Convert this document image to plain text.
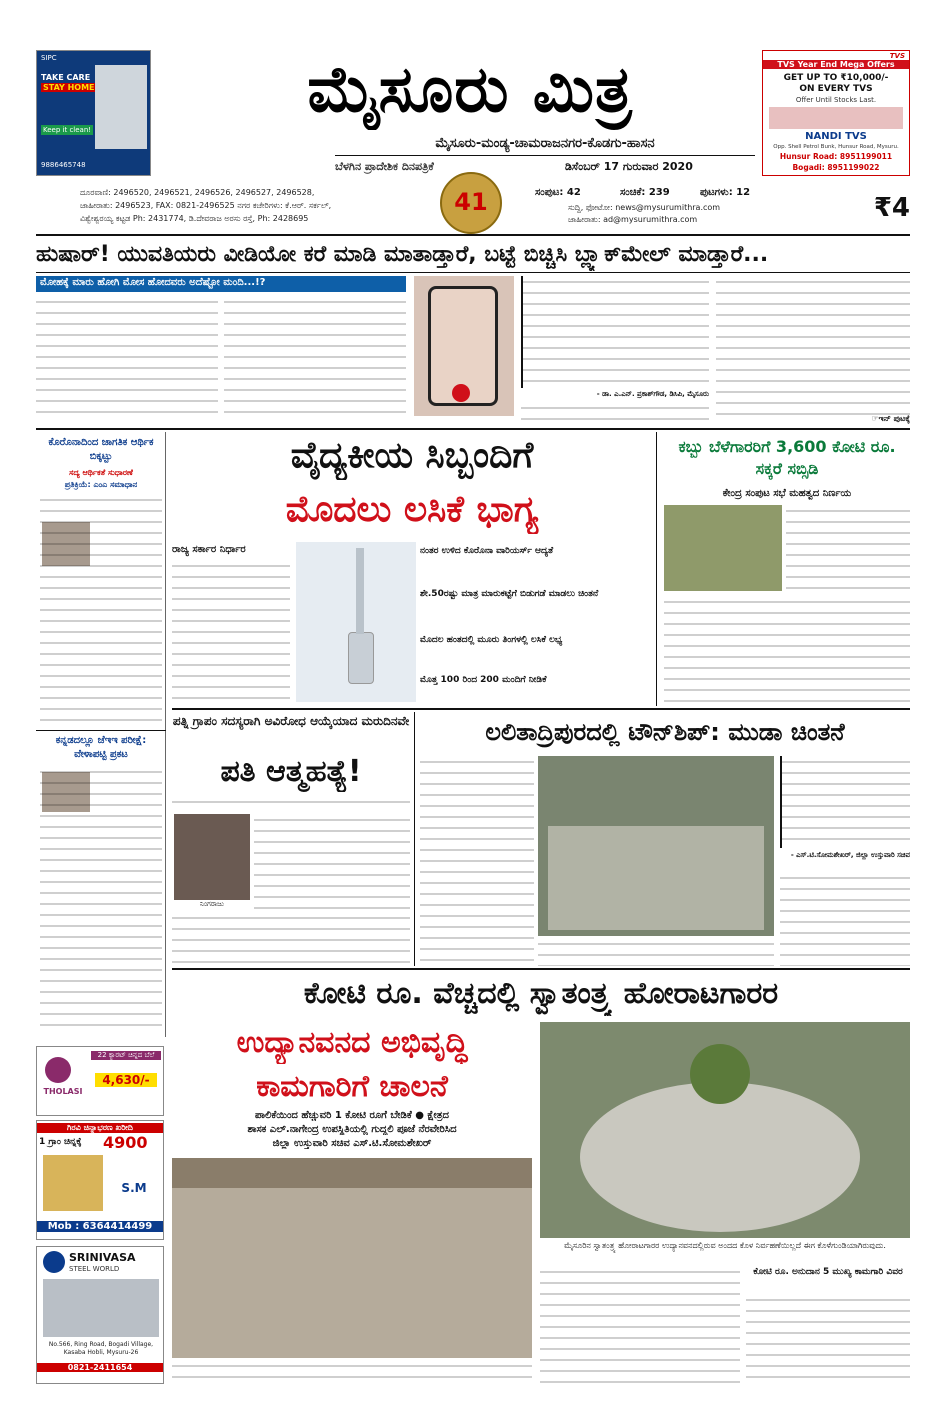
SIPC
TAKE CARE
STAY HOME
Keep it clean!
9886465748
ಮೈಸೂರು ಮಿತ್ರ
ಮೈಸೂರು-ಮಂಡ್ಯ-ಚಾಮರಾಜನಗರ-ಕೊಡಗು-ಹಾಸನ
ಬೆಳಗಿನ ಪ್ರಾದೇಶಿಕ ದಿನಪತ್ರಿಕೆ	ಡಿಸೆಂಬರ್ 17 ಗುರುವಾರ 2020
TVS
TVS Year End Mega Offers
GET UP TO ₹10,000/-
ON EVERY TVS
Offer Until Stocks Last.
NANDI TVS
Opp. Shell Petrol Bunk, Hunsur Road, Mysuru.
Hunsur Road: 8951199011
Bogadi: 8951199022
ದೂರವಾಣಿ: 2496520, 2496521, 2496526, 2496527, 2496528,
ಜಾಹೀರಾತು: 2496523, FAX: 0821-2496525 ನಗರ ಕಚೇರಿಗಳು: ಕೆ.ಆರ್. ಸರ್ಕಲ್,
ವಿಶ್ವೇಶ್ವರಯ್ಯ ಕಟ್ಟಡ Ph: 2431774, ಡಿ.ದೇವರಾಜ ಅರಸು ರಸ್ತೆ, Ph: 2428695
41	ಸಂಪುಟ: 42	ಸಂಚಿಕೆ: 239	ಪುಟಗಳು: 12
ಸುದ್ದಿ, ಫೋಟೋ: news@mysurumithra.com
ಜಾಹೀರಾತು: ad@mysurumithra.com	₹4
ಹುಷಾರ್! ಯುವತಿಯರು ವೀಡಿಯೋ ಕರೆ ಮಾಡಿ ಮಾತಾಡ್ತಾರೆ, ಬಟ್ಟೆ ಬಿಚ್ಚಿಸಿ ಬ್ಲ್ಯಾಕ್‌ಮೇಲ್ ಮಾಡ್ತಾರೆ...
ಮೋಹಕ್ಕೆ ಮಾರು ಹೋಗಿ ಮೋಸ ಹೋದವರು ಅದೆಷ್ಟೋ ಮಂದಿ...!?
- ಡಾ. ಎ.ಎನ್. ಪ್ರಕಾಶ್‌ಗೌಡ, ಡಿಸಿಪಿ, ಮೈಸೂರು
☞ಇನ್ ಪುಟಕ್ಕೆ
ಕೊರೊನಾದಿಂದ ಜಾಗತಿಕ ಆರ್ಥಿಕ ಬಿಕ್ಕಟ್ಟು
ಸದ್ಯ ಆರ್ಥಿಕತೆ ಸುಧಾರಣೆ
ಪ್ರತಿಕ್ರಿಯೆ: ಎಂಎ ಸಮಾಧಾನ
ಕನ್ನಡದಲ್ಲೂ ಜೆಇಇ ಪರೀಕ್ಷೆ: ವೇಳಾಪಟ್ಟಿ ಪ್ರಕಟ
ವೈದ್ಯಕೀಯ ಸಿಬ್ಬಂದಿಗೆ
ಮೊದಲು ಲಸಿಕೆ ಭಾಗ್ಯ
ರಾಜ್ಯ ಸರ್ಕಾರ ನಿರ್ಧಾರ	ನಂತರ ಉಳಿದ ಕೊರೊನಾ ವಾರಿಯರ್ಸ್ ಆದ್ಯತೆ
ಶೇ.50ರಷ್ಟು ಮಾತ್ರ ಮಾರುಕಟ್ಟೆಗೆ ಬಿಡುಗಡೆ ಮಾಡಲು ಚಿಂತನೆ
ಮೊದಲ ಹಂತದಲ್ಲಿ ಮೂರು ತಿಂಗಳಲ್ಲಿ ಲಸಿಕೆ ಲಭ್ಯ
ಮೊತ್ತ 100 ರಿಂದ 200 ಮಂದಿಗೆ ನೀಡಿಕೆ
ಕಬ್ಬು ಬೆಳೆಗಾರರಿಗೆ 3,600 ಕೋಟಿ ರೂ. ಸಕ್ಕರೆ ಸಬ್ಸಿಡಿ
ಕೇಂದ್ರ ಸಂಪುಟ ಸಭೆ ಮಹತ್ವದ ನಿರ್ಣಯ
ಪತ್ನಿ ಗ್ರಾಪಂ ಸದಸ್ಯರಾಗಿ ಅವಿರೋಧ ಆಯ್ಕೆಯಾದ ಮರುದಿನವೇ
ಪತಿ ಆತ್ಮಹತ್ಯೆ!
ನಿಂಗರಾಜು
ಲಲಿತಾದ್ರಿಪುರದಲ್ಲಿ ಟೌನ್‌ಶಿಪ್: ಮುಡಾ ಚಿಂತನೆ
- ಎಸ್.ಟಿ.ಸೋಮಶೇಖರ್, ಜಿಲ್ಲಾ ಉಸ್ತುವಾರಿ ಸಚಿವ
ಕೋಟಿ ರೂ. ವೆಚ್ಚದಲ್ಲಿ ಸ್ವಾತಂತ್ರ್ಯ ಹೋರಾಟಗಾರರ
ಉದ್ಯಾನವನದ ಅಭಿವೃದ್ಧಿ
ಕಾಮಗಾರಿಗೆ ಚಾಲನೆ
ಪಾಲಿಕೆಯಿಂದ ಹೆಚ್ಚುವರಿ 1 ಕೋಟಿ ರೂಗೆ ಬೇಡಿಕೆ ● ಕ್ಷೇತ್ರದ
ಶಾಸಕ ಎಲ್.ನಾಗೇಂದ್ರ ಉಪಸ್ಥಿತಿಯಲ್ಲಿ ಗುದ್ದಲಿ ಪೂಜೆ ನೆರವೇರಿಸಿದ
ಜಿಲ್ಲಾ ಉಸ್ತುವಾರಿ ಸಚಿವ ಎಸ್.ಟಿ.ಸೋಮಶೇಖರ್
ಮೈಸೂರಿನ ಸ್ವಾತಂತ್ರ್ಯ ಹೋರಾಟಗಾರರ ಉದ್ಯಾನವನದಲ್ಲಿರುವ ಅಂದದ ಕೊಳ ನಿರ್ವಹಣೆಯಿಲ್ಲದೆ ಈಗ ಕೊಳೆಗುಂಡಿಯಾಗಿರುವುದು.
ಕೋಟಿ ರೂ. ಅನುದಾನ 5 ಮುಖ್ಯ ಕಾಮಗಾರಿ ವಿವರ
THOLASI
22 ಕ್ಯಾರಟ್ ಚಿನ್ನದ ಬೆಲೆ
4,630/-
ಗಿರವಿ ಚಿನ್ನಾಭರಣ ಖರೀದಿ
1 ಗ್ರಾಂ ಚಿನ್ನಕ್ಕೆ	4900
S.M
Mob : 6364414499
SRINIVASA
STEEL WORLD
No.566, Ring Road, Bogadi Village, Kasaba Hobli, Mysuru-26
0821-2411654
